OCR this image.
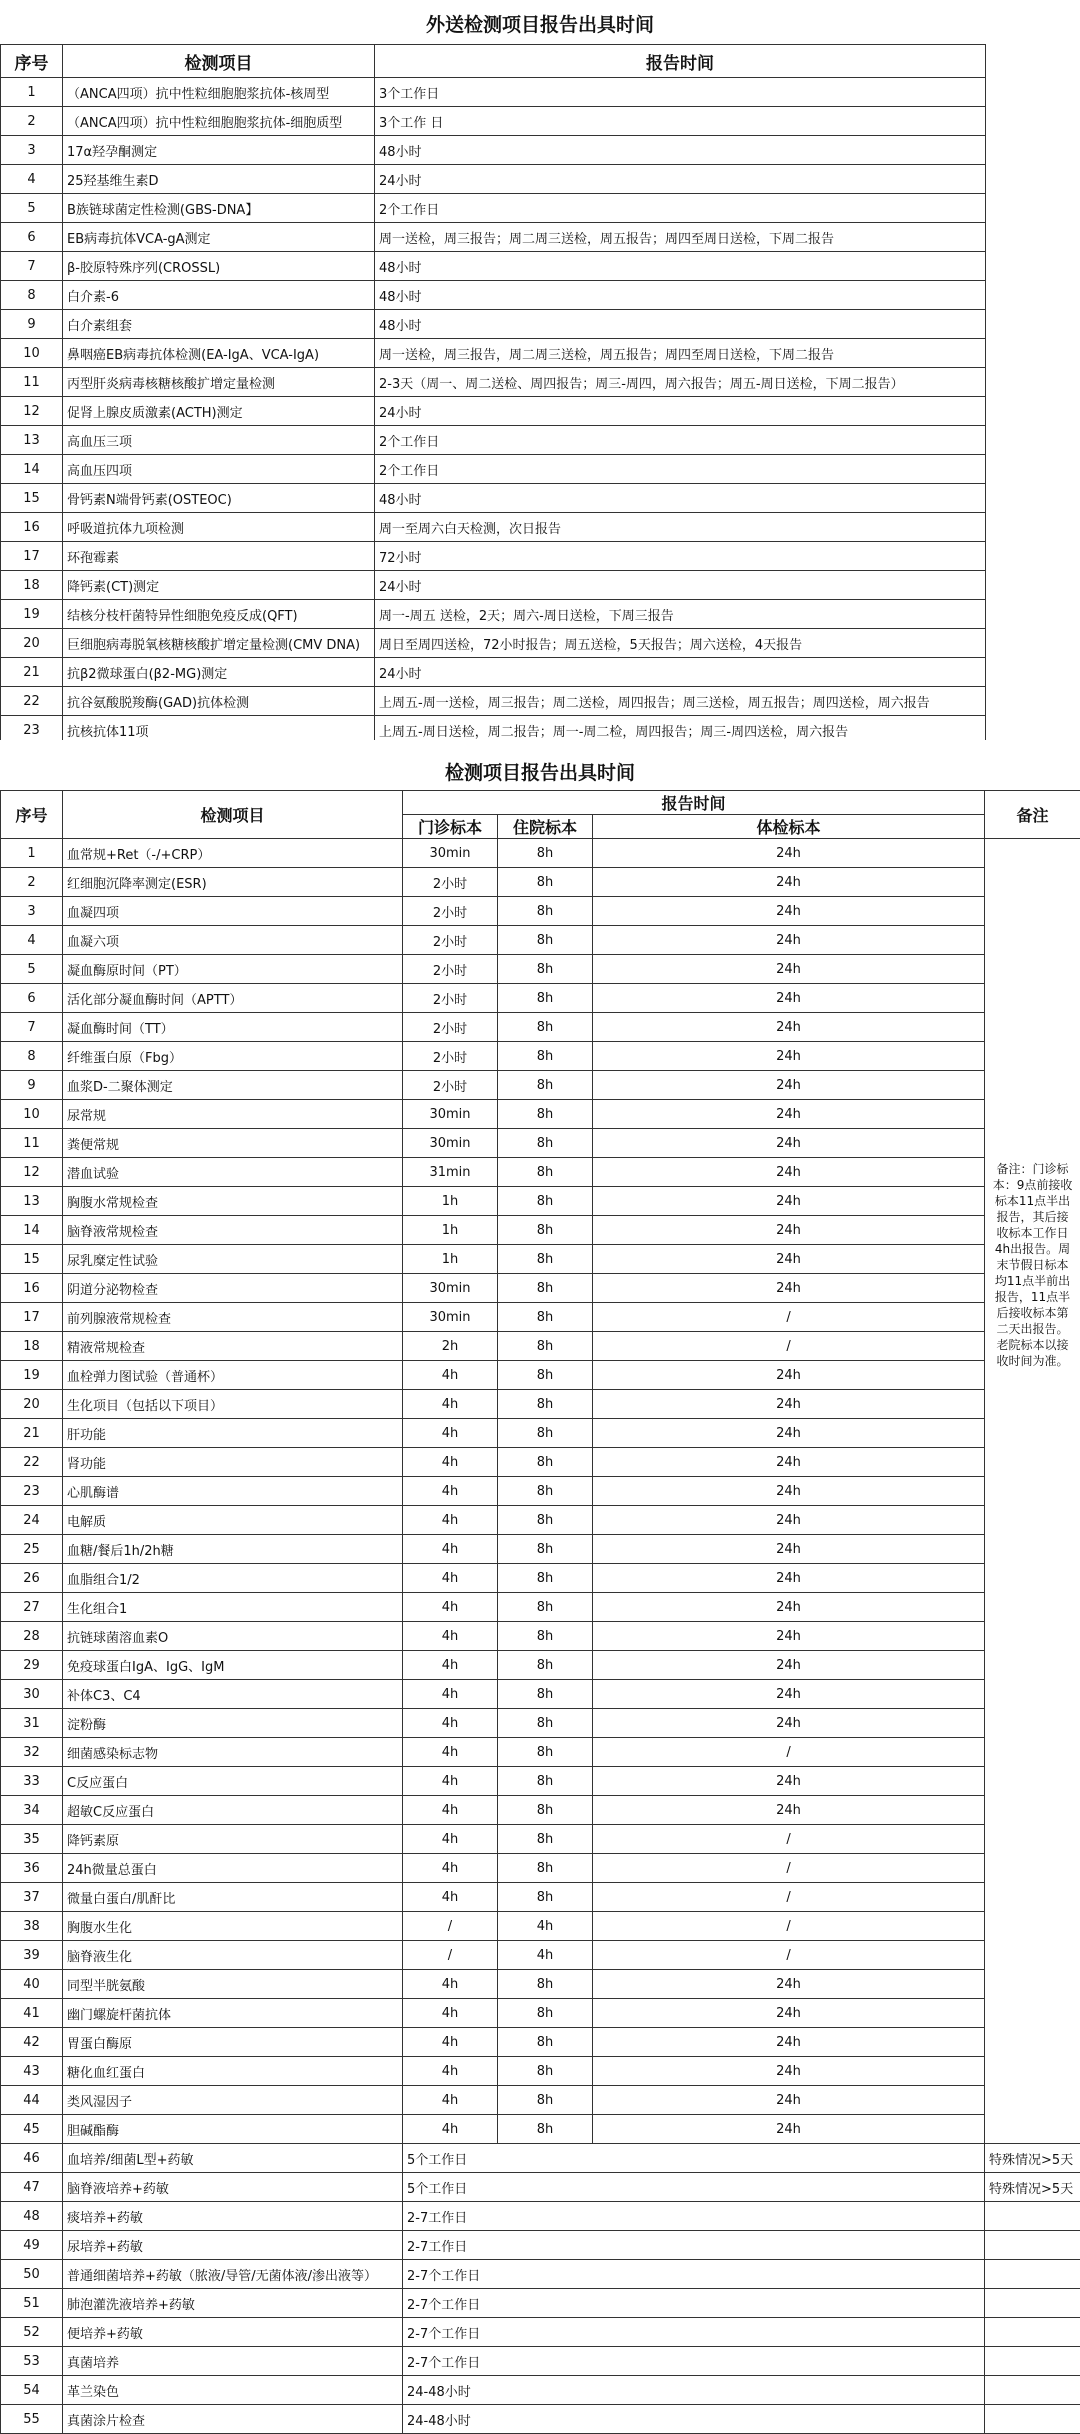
外送检测项目报告出具时间
序号	检测项目	报告时间
1	（ANCA四项）抗中性粒细胞胞浆抗体-核周型	3个工作日
2	（ANCA四项）抗中性粒细胞胞浆抗体-细胞质型	3个工作 日
3	17α羟孕酮测定	48小时
4	25羟基维生素D	24小时
5	B族链球菌定性检测(GBS-DNA】	2个工作日
6	EB病毒抗体VCA-gA测定	周一送检，周三报告；周二周三送检，周五报告；周四至周日送检，下周二报告
7	β-胶原特殊序列(CROSSL)	48小时
8	白介素-6	48小时
9	白介素组套	48小时
10	鼻咽癌EB病毒抗体检测(EA-IgA、VCA-IgA)	周一送检，周三报告，周二周三送检，周五报告；周四至周日送检，下周二报告
11	丙型肝炎病毒核糖核酸扩增定量检测	2-3天（周一、周二送检、周四报告；周三-周四，周六报告；周五-周日送检，下周二报告）
12	促肾上腺皮质激素(ACTH)测定	24小时
13	高血压三项	2个工作日
14	高血压四项	2个工作日
15	骨钙素N端骨钙素(OSTEOC)	48小时
16	呼吸道抗体九项检测	周一至周六白天检测，次日报告
17	环孢霉素	72小时
18	降钙素(CT)测定	24小时
19	结核分枝杆菌特异性细胞免疫反成(QFT)	周一-周五 送检，2天；周六-周日送检，下周三报告
20	巨细胞病毒脱氧核糖核酸扩增定量检测(CMV DNA)	周日至周四送检，72小时报告；周五送检，5天报告；周六送检，4天报告
21	抗β2微球蛋白(β2-MG)测定	24小时
22	抗谷氨酸脱羧酶(GAD)抗体检测	上周五-周一送检，周三报告；周二送检，周四报告；周三送检，周五报告；周四送检，周六报告
23	抗核抗体11项	上周五-周日送检，周二报告；周一-周二检，周四报告；周三-周四送检，周六报告
检测项目报告出具时间
序号	检测项目	报告时间			备注
		门诊标本	住院标本	体检标本	
1	血常规+Ret（-/+CRP）	30min	8h	24h	备注：门诊标本：9点前接收标本11点半出报告，其后接收标本工作日4h出报告。周末节假日标本均11点半前出报告，11点半后接收标本第二天出报告。老院标本以接收时间为准。

2	红细胞沉降率测定(ESR)	2小时	8h	24h	
3	血凝四项	2小时	8h	24h	
4	血凝六项	2小时	8h	24h	
5	凝血酶原时间（PT）	2小时	8h	24h	
6	活化部分凝血酶时间（APTT）	2小时	8h	24h	
7	凝血酶时间（TT）	2小时	8h	24h	
8	纤维蛋白原（Fbg）	2小时	8h	24h	
9	血浆D-二聚体测定	2小时	8h	24h	
10	尿常规	30min	8h	24h	
11	粪便常规	30min	8h	24h	
12	潜血试验	31min	8h	24h	
13	胸腹水常规检查	1h	8h	24h	
14	脑脊液常规检查	1h	8h	24h	
15	尿乳糜定性试验	1h	8h	24h	
16	阴道分泌物检查	30min	8h	24h	
17	前列腺液常规检查	30min	8h	/	
18	精液常规检查	2h	8h	/	
19	血栓弹力图试验（普通杯）	4h	8h	24h	
20	生化项目（包括以下项目）	4h	8h	24h	
21	肝功能	4h	8h	24h	
22	肾功能	4h	8h	24h	
23	心肌酶谱	4h	8h	24h	
24	电解质	4h	8h	24h	
25	血糖/餐后1h/2h糖	4h	8h	24h	
26	血脂组合1/2	4h	8h	24h	
27	生化组合1	4h	8h	24h	
28	抗链球菌溶血素O	4h	8h	24h	
29	免疫球蛋白IgA、IgG、IgM	4h	8h	24h	
30	补体C3、C4	4h	8h	24h	
31	淀粉酶	4h	8h	24h	
32	细菌感染标志物	4h	8h	/	
33	C反应蛋白	4h	8h	24h	
34	超敏C反应蛋白	4h	8h	24h	
35	降钙素原	4h	8h	/	
36	24h微量总蛋白	4h	8h	/	
37	微量白蛋白/肌酐比	4h	8h	/	
38	胸腹水生化	/	4h	/	
39	脑脊液生化	/	4h	/	
40	同型半胱氨酸	4h	8h	24h	
41	幽门螺旋杆菌抗体	4h	8h	24h	
42	胃蛋白酶原	4h	8h	24h	
43	糖化血红蛋白	4h	8h	24h	
44	类风湿因子	4h	8h	24h	
45	胆碱酯酶	4h	8h	24h	
46	血培养/细菌L型+药敏	5个工作日			特殊情况>5天
47	脑脊液培养+药敏	5个工作日			特殊情况>5天
48	痰培养+药敏	2-7工作日			
49	尿培养+药敏	2-7工作日			
50	普通细菌培养+药敏（脓液/导管/无菌体液/渗出液等）	2-7个工作日			
51	肺泡灌洗液培养+药敏	2-7个工作日			
52	便培养+药敏	2-7个工作日			
53	真菌培养	2-7个工作日			
54	革兰染色	24-48小时			
55	真菌涂片检查	24-48小时			
